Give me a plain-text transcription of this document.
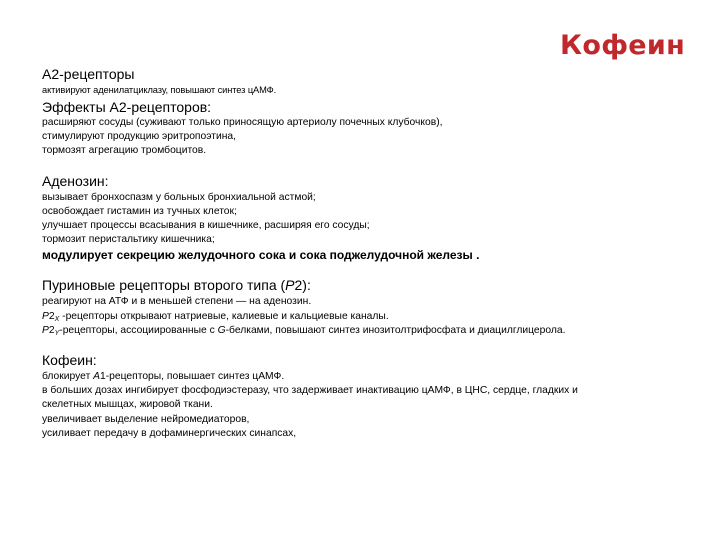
Кофеин
А2-рецепторы
активируют аденилатциклазу, повышают синтез цАМФ.
Эффекты А2-рецепторов:
расширяют сосуды (суживают только приносящую артериолу почечных клубочков),
стимулируют продукцию эритропоэтина,
тормозят агрегацию тромбоцитов.
Аденозин:
вызывает бронхоспазм у больных бронхиальной астмой;
освобождает гистамин из тучных клеток;
улучшает процессы всасывания в кишечнике, расширяя его сосуды;
тормозит перистальтику кишечника;
модулирует секрецию желудочного сока и сока поджелудочной железы .
Пуриновые рецепторы второго типа (P2):
реагируют на АТФ и в меньшей степени — на аденозин.
$P2_X$ -рецепторы открывают натриевые, калиевые и кальциевые каналы.
$P2_Y$-рецепторы, ассоциированные с G-белками, повышают синтез инозитолтрифосфата и диацилглицерола.
Кофеин:
блокирует А1-рецепторы, повышает синтез цАМФ.
в больших дозах ингибирует фосфодиэстеразу, что задерживает инактивацию цАМФ, в ЦНС, сердце, гладких и
скелетных мышцах, жировой ткани.
увеличивает выделение нейромедиаторов,
усиливает передачу в дофаминергических синапсах,
